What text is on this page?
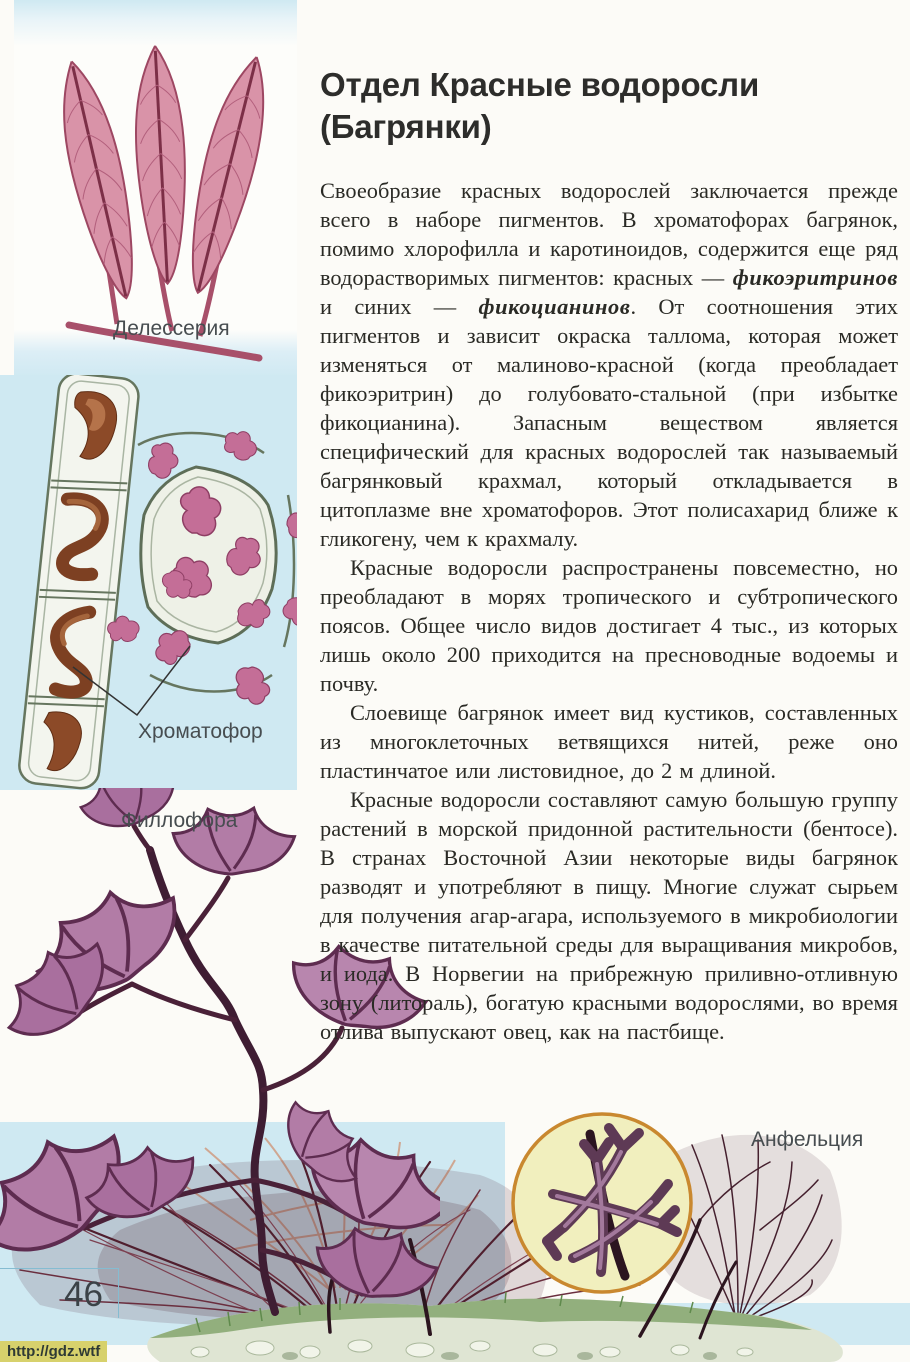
Делессерия
Хроматофор
Филлофора
Анфельция
Отдел Красные водоросли (Багрянки)

Своеобразие красных водорослей заключается прежде всего в наборе пигментов. В хроматофорах багрянок, помимо хлорофилла и каротиноидов, содержится еще ряд водорастворимых пигментов: красных — фикоэритринов и синих — фикоцианинов. От соотношения этих пигментов и зависит окраска таллома, которая может изменяться от малиново-красной (когда преобладает фикоэритрин) до голубовато-стальной (при избытке фикоцианина). Запасным веществом является специфический для красных водорослей так называемый багрянковый крахмал, который откладывается в цитоплазме вне хроматофоров. Этот полисахарид ближе к гликогену, чем к крахмалу.

Красные водоросли распространены повсеместно, но преобладают в морях тропического и субтропического поясов. Общее число видов достигает 4 тыс., из которых лишь около 200 приходится на пресноводные водоемы и почву.

Слоевище багрянок имеет вид кустиков, составленных из многоклеточных ветвящихся нитей, реже оно пластинчатое или листовидное, до 2 м длиной.

Красные водоросли составляют самую большую группу растений в морской придонной растительности (бентосе). В странах Восточной Азии некоторые виды багрянок разводят и употребляют в пищу. Многие служат сырьем для получения агар-агара, используемого в микробиологии в качестве питательной среды для выращивания микробов, и иода. В Норвегии на прибрежную приливно-отливную зону (литораль), богатую красными водорослями, во время отлива выпускают овец, как на пастбище.

46
http://gdz.wtf
